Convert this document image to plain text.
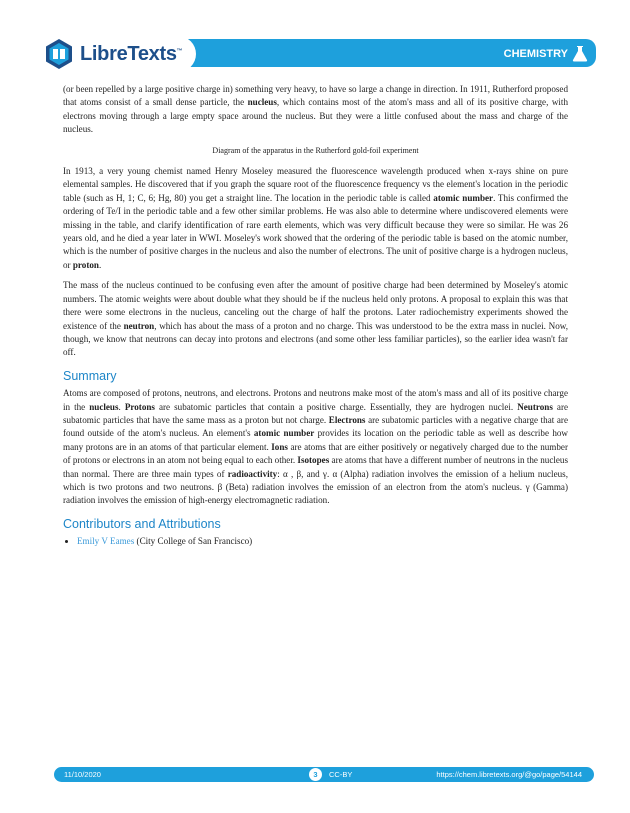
CHEMISTRY
LibreTexts™

(or been repelled by a large positive charge in) something very heavy, to have so large a change in direction. In 1911, Rutherford proposed that atoms consist of a small dense particle, the nucleus, which contains most of the atom's mass and all of its positive charge, with electrons moving through a large empty space around the nucleus. But they were a little confused about the mass and charge of the nucleus.

Diagram of the apparatus in the Rutherford gold-foil experiment

In 1913, a very young chemist named Henry Moseley measured the fluorescence wavelength produced when x-rays shine on pure elemental samples. He discovered that if you graph the square root of the fluorescence frequency vs the element's location in the periodic table (such as H, 1; C, 6; Hg, 80) you get a straight line. The location in the periodic table is called atomic number. This confirmed the ordering of Te/I in the periodic table and a few other similar problems. He was also able to determine where undiscovered elements were missing in the table, and clarify identification of rare earth elements, which was very difficult because they were so similar. He was 26 years old, and he died a year later in WWI. Moseley's work showed that the ordering of the periodic table is based on the atomic number, which is the number of positive charges in the nucleus and also the number of electrons. The unit of positive charge is a hydrogen nucleus, or proton.

The mass of the nucleus continued to be confusing even after the amount of positive charge had been determined by Moseley's atomic numbers. The atomic weights were about double what they should be if the nucleus held only protons. A proposal to explain this was that there were some electrons in the nucleus, canceling out the charge of half the protons. Later radiochemistry experiments showed the existence of the neutron, which has about the mass of a proton and no charge. This was understood to be the extra mass in nuclei. Now, though, we know that neutrons can decay into protons and electrons (and some other less familiar particles), so the earlier idea wasn't far off.

Summary

Atoms are composed of protons, neutrons, and electrons. Protons and neutrons make most of the atom's mass and all of its positive charge in the nucleus. Protons are subatomic particles that contain a positive charge. Essentially, they are hydrogen nuclei. Neutrons are subatomic particles that have the same mass as a proton but not charge. Electrons are subatomic particles with a negative charge that are found outside of the atom's nucleus. An element's atomic number provides its location on the periodic table as well as describe how many protons are in an atoms of that particular element. Ions are atoms that are either positively or negatively charged due to the number of protons or electrons in an atom not being equal to each other. Isotopes are atoms that have a different number of neutrons in the nucleus than normal. There are three main types of radioactivity: α , β, and γ. α (Alpha) radiation involves the emission of a helium nucleus, which is two protons and two neutrons. β (Beta) radiation involves the emission of an electron from the atom's nucleus. γ (Gamma) radiation involves the emission of high-energy electromagnetic radiation.

Contributors and Attributions
• Emily V Eames (City College of San Francisco)
11/10/2020	3	CC-BY	https://chem.libretexts.org/@go/page/54144
